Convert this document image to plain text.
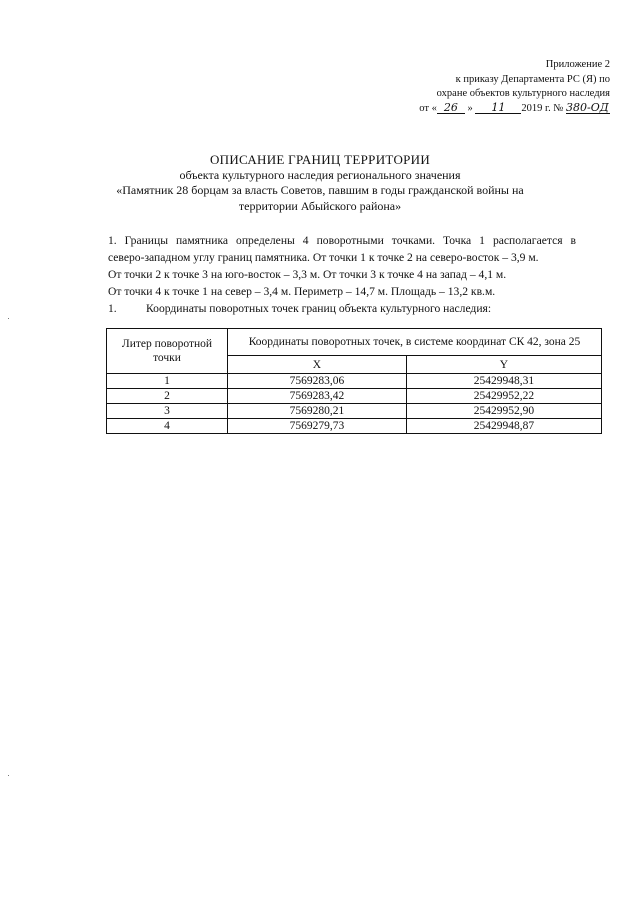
Приложение 2
к приказу Департамента РС (Я) по
охране объектов культурного наследия
от « 26 » 11 2019 г. № 380-ОД
ОПИСАНИЕ ГРАНИЦ ТЕРРИТОРИИ
объекта культурного наследия регионального значения
«Памятник 28 борцам за власть Советов, павшим в годы гражданской войны на
территории Абыйского района»
1. Границы памятника определены 4 поворотными точками. Точка 1 располагается в
северо-западном углу границ памятника. От точки 1 к точке 2 на северо-восток – 3,9 м.
От точки 2 к точке 3 на юго-восток – 3,3 м. От точки 3 к точке 4 на запад – 4,1 м.
От точки 4 к точке 1 на север – 3,4 м. Периметр – 14,7 м. Площадь – 13,2 кв.м.
1.	Координаты поворотных точек границ объекта культурного наследия:
Литер поворотной точки	Координаты поворотных точек, в системе координат СК 42, зона 25	
	X	Y
1	7569283,06	25429948,31
2	7569283,42	25429952,22
3	7569280,21	25429952,90
4	7569279,73	25429948,87
